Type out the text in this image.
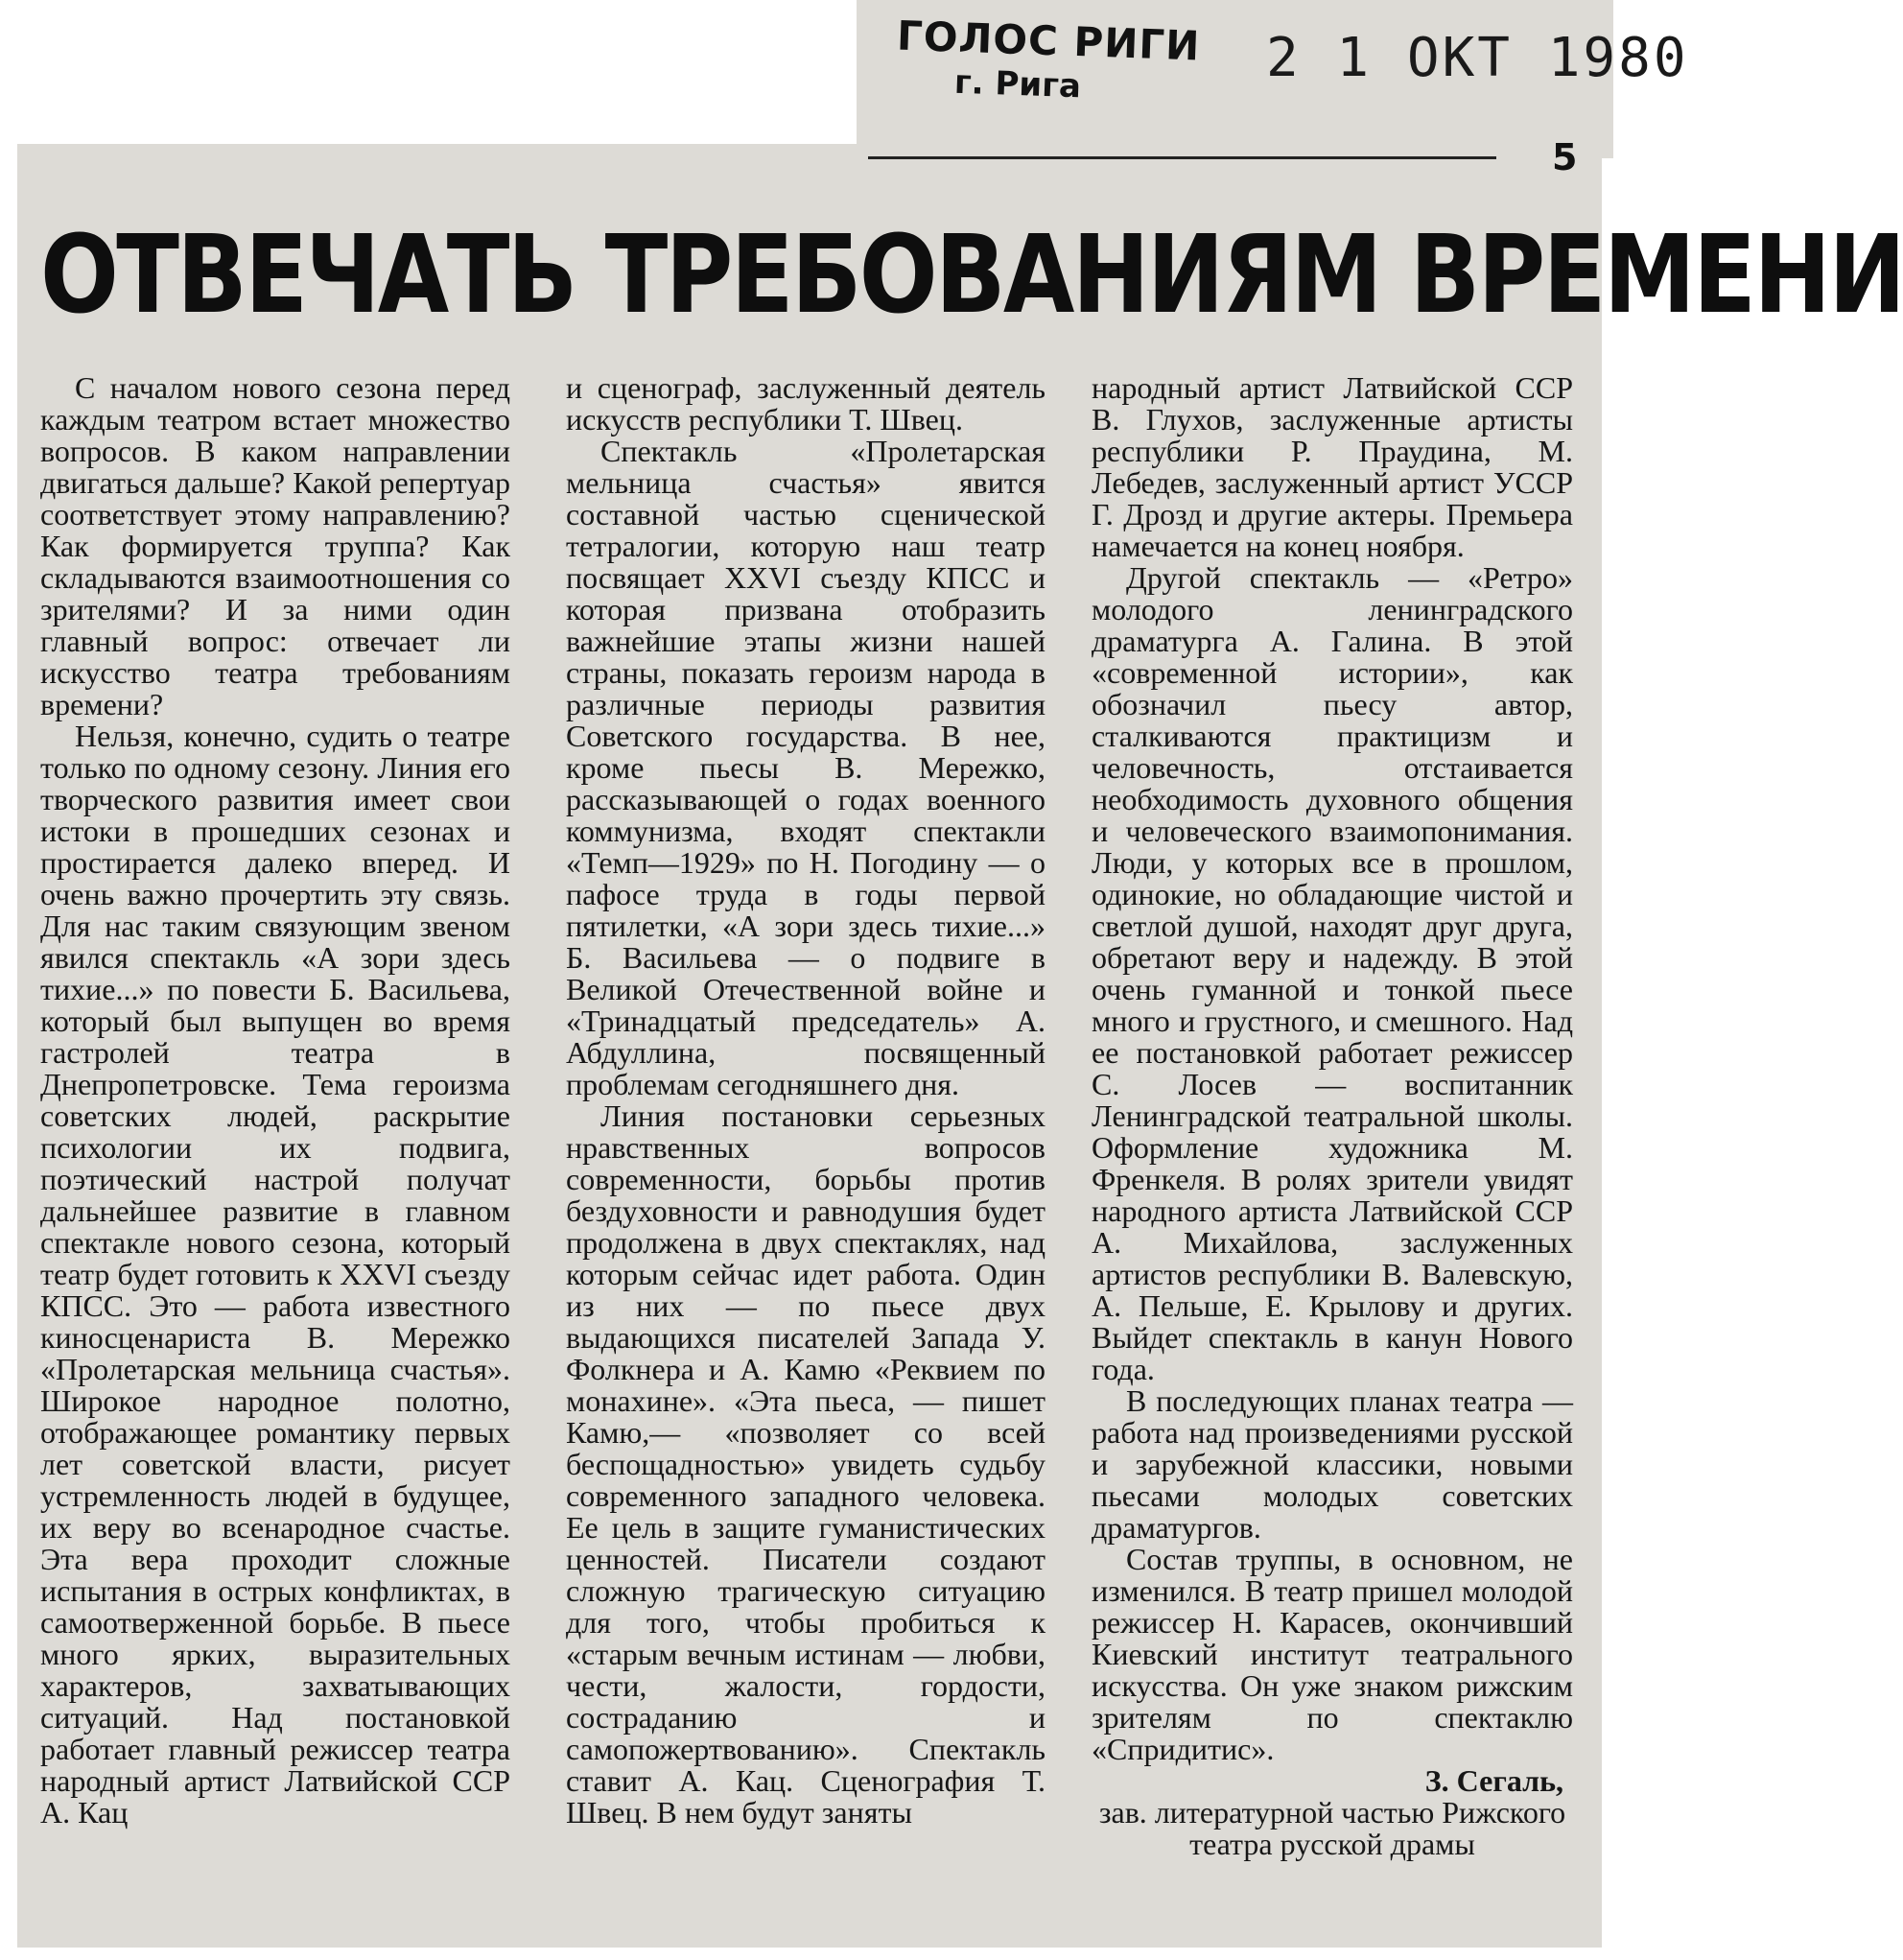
ГОЛОС РИГИ
г. Рига	2 1 ОКТ 1980
5
ОТВЕЧАТЬ ТРЕБОВАНИЯМ ВРЕМЕНИ

С началом нового сезона перед каждым театром встает множество вопросов. В каком направлении двигаться дальше? Какой репертуар соответствует этому направлению? Как формируется труппа? Как складываются взаимоотношения со зрителями? И за ними один главный вопрос: отвечает ли искусство театра требованиям времени?

Нельзя, конечно, судить о театре только по одному сезону. Линия его творческого развития имеет свои истоки в прошедших сезонах и простирается далеко вперед. И очень важно прочертить эту связь. Для нас таким связующим звеном явился спектакль «А зори здесь тихие...» по повести Б. Васильева, который был выпущен во время гастролей театра в Днепропетровске. Тема героизма советских людей, раскрытие психологии их подвига, поэтический настрой получат дальнейшее развитие в главном спектакле нового сезона, который театр будет готовить к XXVI съезду КПСС. Это — работа известного киносценариста В. Мережко «Пролетарская мельница счастья». Широкое народное полотно, отображающее романтику первых лет советской власти, рисует устремленность людей в будущее, их веру во всенародное счастье. Эта вера проходит сложные испытания в острых конфликтах, в самоотверженной борьбе. В пьесе много ярких, выразительных характеров, захватывающих ситуаций. Над постановкой работает главный режиссер театра народный артист Латвийской ССР А. Кац

и сценограф, заслуженный деятель искусств республики Т. Швец.

Спектакль «Пролетарская мельница счастья» явится составной частью сценической тетралогии, которую наш театр посвящает XXVI съезду КПСС и которая призвана отобразить важнейшие этапы жизни нашей страны, показать героизм народа в различные периоды развития Советского государства. В нее, кроме пьесы В. Мережко, рассказывающей о годах военного коммунизма, входят спектакли «Темп—1929» по Н. Погодину — о пафосе труда в годы первой пятилетки, «А зори здесь тихие...» Б. Васильева — о подвиге в Великой Отечественной войне и «Тринадцатый председатель» А. Абдуллина, посвященный проблемам сегодняшнего дня.

Линия постановки серьезных нравственных вопросов современности, борьбы против бездуховности и равнодушия будет продолжена в двух спектаклях, над которым сейчас идет работа. Один из них — по пьесе двух выдающихся писателей Запада У. Фолкнера и А. Камю «Реквием по монахине». «Эта пьеса, — пишет Камю,— «позволяет со всей беспощадностью» увидеть судьбу современного западного человека. Ее цель в защите гуманистических ценностей. Писатели создают сложную трагическую ситуацию для того, чтобы пробиться к «старым вечным истинам — любви, чести, жалости, гордости, состраданию и самопожертвованию». Спектакль ставит А. Кац. Сценография Т. Швец. В нем будут заняты

народный артист Латвийской ССР В. Глухов, заслуженные артисты республики Р. Праудина, М. Лебедев, заслуженный артист УССР Г. Дрозд и другие актеры. Премьера намечается на конец ноября.

Другой спектакль — «Ретро» молодого ленинградского драматурга А. Галина. В этой «современной истории», как обозначил пьесу автор, сталкиваются практицизм и человечность, отстаивается необходимость духовного общения и человеческого взаимопонимания. Люди, у которых все в прошлом, одинокие, но обладающие чистой и светлой душой, находят друг друга, обретают веру и надежду. В этой очень гуманной и тонкой пьесе много и грустного, и смешного. Над ее постановкой работает режиссер С. Лосев — воспитанник Ленинградской театральной школы. Оформление художника М. Френкеля. В ролях зрители увидят народного артиста Латвийской ССР А. Михайлова, заслуженных артистов республики В. Валевскую, А. Пельше, Е. Крылову и других. Выйдет спектакль в канун Нового года.

В последующих планах театра — работа над произведениями русской и зарубежной классики, новыми пьесами молодых советских драматургов.

Состав труппы, в основном, не изменился. В театр пришел молодой режиссер Н. Карасев, окончивший Киевский институт театрального искусства. Он уже знаком рижским зрителям по спектаклю «Спридитис».

З. Сегаль,

зав. литературной частью Рижского театра русской драмы
